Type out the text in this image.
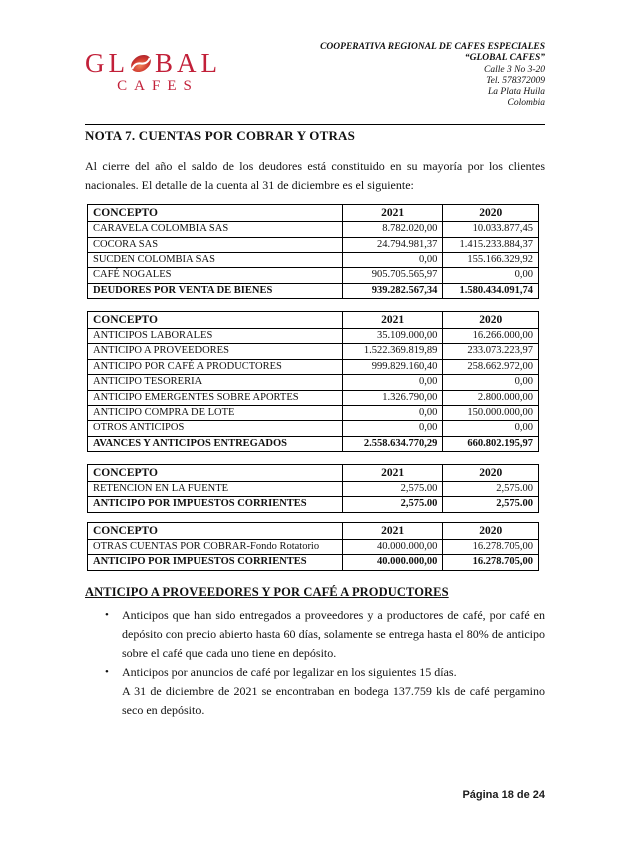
GL BAL
CAFES
COOPERATIVA REGIONAL DE CAFES ESPECIALES
“GLOBAL CAFES”
Calle 3 No 3-20
Tel. 578372009
La Plata Huila
Colombia
NOTA 7. CUENTAS POR COBRAR Y OTRAS

Al cierre del año el saldo de los deudores está constituido en su mayoría por los clientes nacionales. El detalle de la cuenta al 31 de diciembre es el siguiente:

CONCEPTO	2021	2020
CARAVELA COLOMBIA SAS	8.782.020,00	10.033.877,45
COCORA SAS	24.794.981,37	1.415.233.884,37
SUCDEN COLOMBIA SAS	0,00	155.166.329,92
CAFÉ NOGALES	905.705.565,97	0,00
DEUDORES POR VENTA DE BIENES	939.282.567,34	1.580.434.091,74
CONCEPTO	2021	2020
ANTICIPOS LABORALES	35.109.000,00	16.266.000,00
ANTICIPO A PROVEEDORES	1.522.369.819,89	233.073.223,97
ANTICIPO POR CAFÉ A PRODUCTORES	999.829.160,40	258.662.972,00
ANTICIPO TESORERIA	0,00	0,00
ANTICIPO EMERGENTES SOBRE APORTES	1.326.790,00	2.800.000,00
ANTICIPO COMPRA DE LOTE	0,00	150.000.000,00
OTROS ANTICIPOS	0,00	0,00
AVANCES Y ANTICIPOS ENTREGADOS	2.558.634.770,29	660.802.195,97
CONCEPTO	2021	2020
RETENCION EN LA FUENTE	2,575.00	2,575.00
ANTICIPO POR IMPUESTOS CORRIENTES	2,575.00	2,575.00
CONCEPTO	2021	2020
OTRAS CUENTAS POR COBRAR-Fondo Rotatorio	40.000.000,00	16.278.705,00
ANTICIPO POR IMPUESTOS CORRIENTES	40.000.000,00	16.278.705,00
ANTICIPO A PROVEEDORES Y POR CAFÉ A PRODUCTORES
•	Anticipos que han sido entregados a proveedores y a productores de café, por café en depósito con precio abierto hasta 60 días, solamente se entrega hasta el 80% de anticipo sobre el café que cada uno tiene en depósito.

•	Anticipos por anuncios de café por legalizar en los siguientes 15 días.

A 31 de diciembre de 2021 se encontraban en bodega 137.759 kls de café pergamino seco en depósito.

Página 18 de 24
